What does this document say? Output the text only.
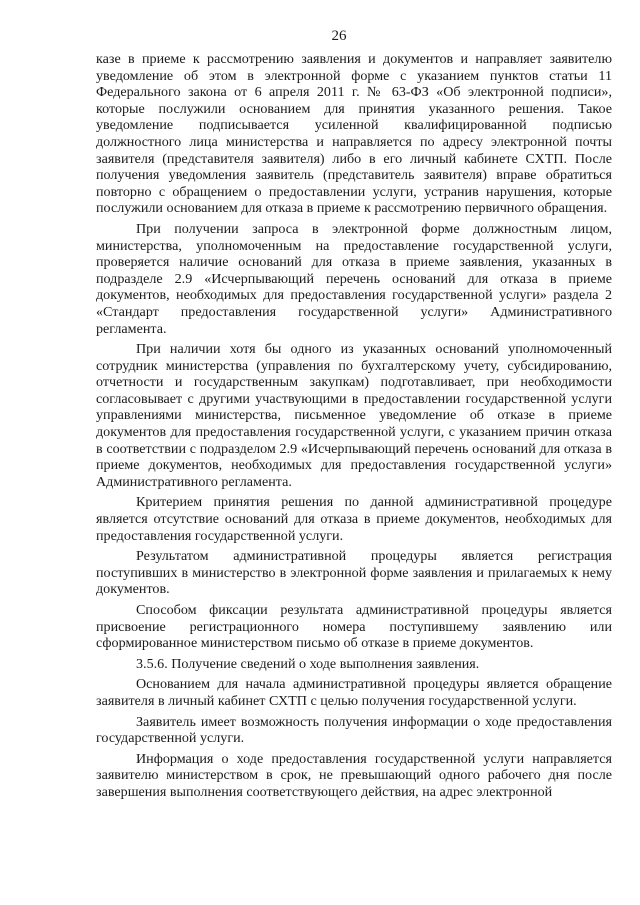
26

казе в приеме к рассмотрению заявления и документов и направляет заявителю уведомление об этом в электронной форме с указанием пунктов статьи 11 Федерального закона от 6 апреля 2011 г. № 63-ФЗ «Об электронной подписи», которые послужили основанием для принятия указанного решения. Такое уведомление подписывается усиленной квалифицированной подписью должностного лица министерства и направляется по адресу электронной почты заявителя (представителя заявителя) либо в его личный кабинете СХТП. После получения уведомления заявитель (представитель заявителя) вправе обратиться повторно с обращением о предоставлении услуги, устранив нарушения, которые послужили основанием для отказа в приеме к рассмотрению первичного обращения.

При получении запроса в электронной форме должностным лицом, министерства, уполномоченным на предоставление государственной услуги, проверяется наличие оснований для отказа в приеме заявления, указанных в подразделе 2.9 «Исчерпывающий перечень оснований для отказа в приеме документов, необходимых для предоставления государственной услуги» раздела 2 «Стандарт предоставления государственной услуги» Административного регламента.

При наличии хотя бы одного из указанных оснований уполномоченный сотрудник министерства (управления по бухгалтерскому учету, субсидированию, отчетности и государственным закупкам) подготавливает, при необходимости согласовывает с другими участвующими в предоставлении государственной услуги управлениями министерства, письменное уведомление об отказе в приеме документов для предоставления государственной услуги, с указанием причин отказа в соответствии с подразделом 2.9 «Исчерпывающий перечень оснований для отказа в приеме документов, необходимых для предоставления государственной услуги» Административного регламента.

Критерием принятия решения по данной административной процедуре является отсутствие оснований для отказа в приеме документов, необходимых для предоставления государственной услуги.

Результатом административной процедуры является регистрация поступивших в министерство в электронной форме заявления и прилагаемых к нему документов.

Способом фиксации результата административной процедуры является присвоение регистрационного номера поступившему заявлению или сформированное министерством письмо об отказе в приеме документов.

3.5.6. Получение сведений о ходе выполнения заявления.

Основанием для начала административной процедуры является обращение заявителя в личный кабинет СХТП с целью получения государственной услуги.

Заявитель имеет возможность получения информации о ходе предоставления государственной услуги.

Информация о ходе предоставления государственной услуги направляется заявителю министерством в срок, не превышающий одного рабочего дня после завершения выполнения соответствующего действия, на адрес электронной
